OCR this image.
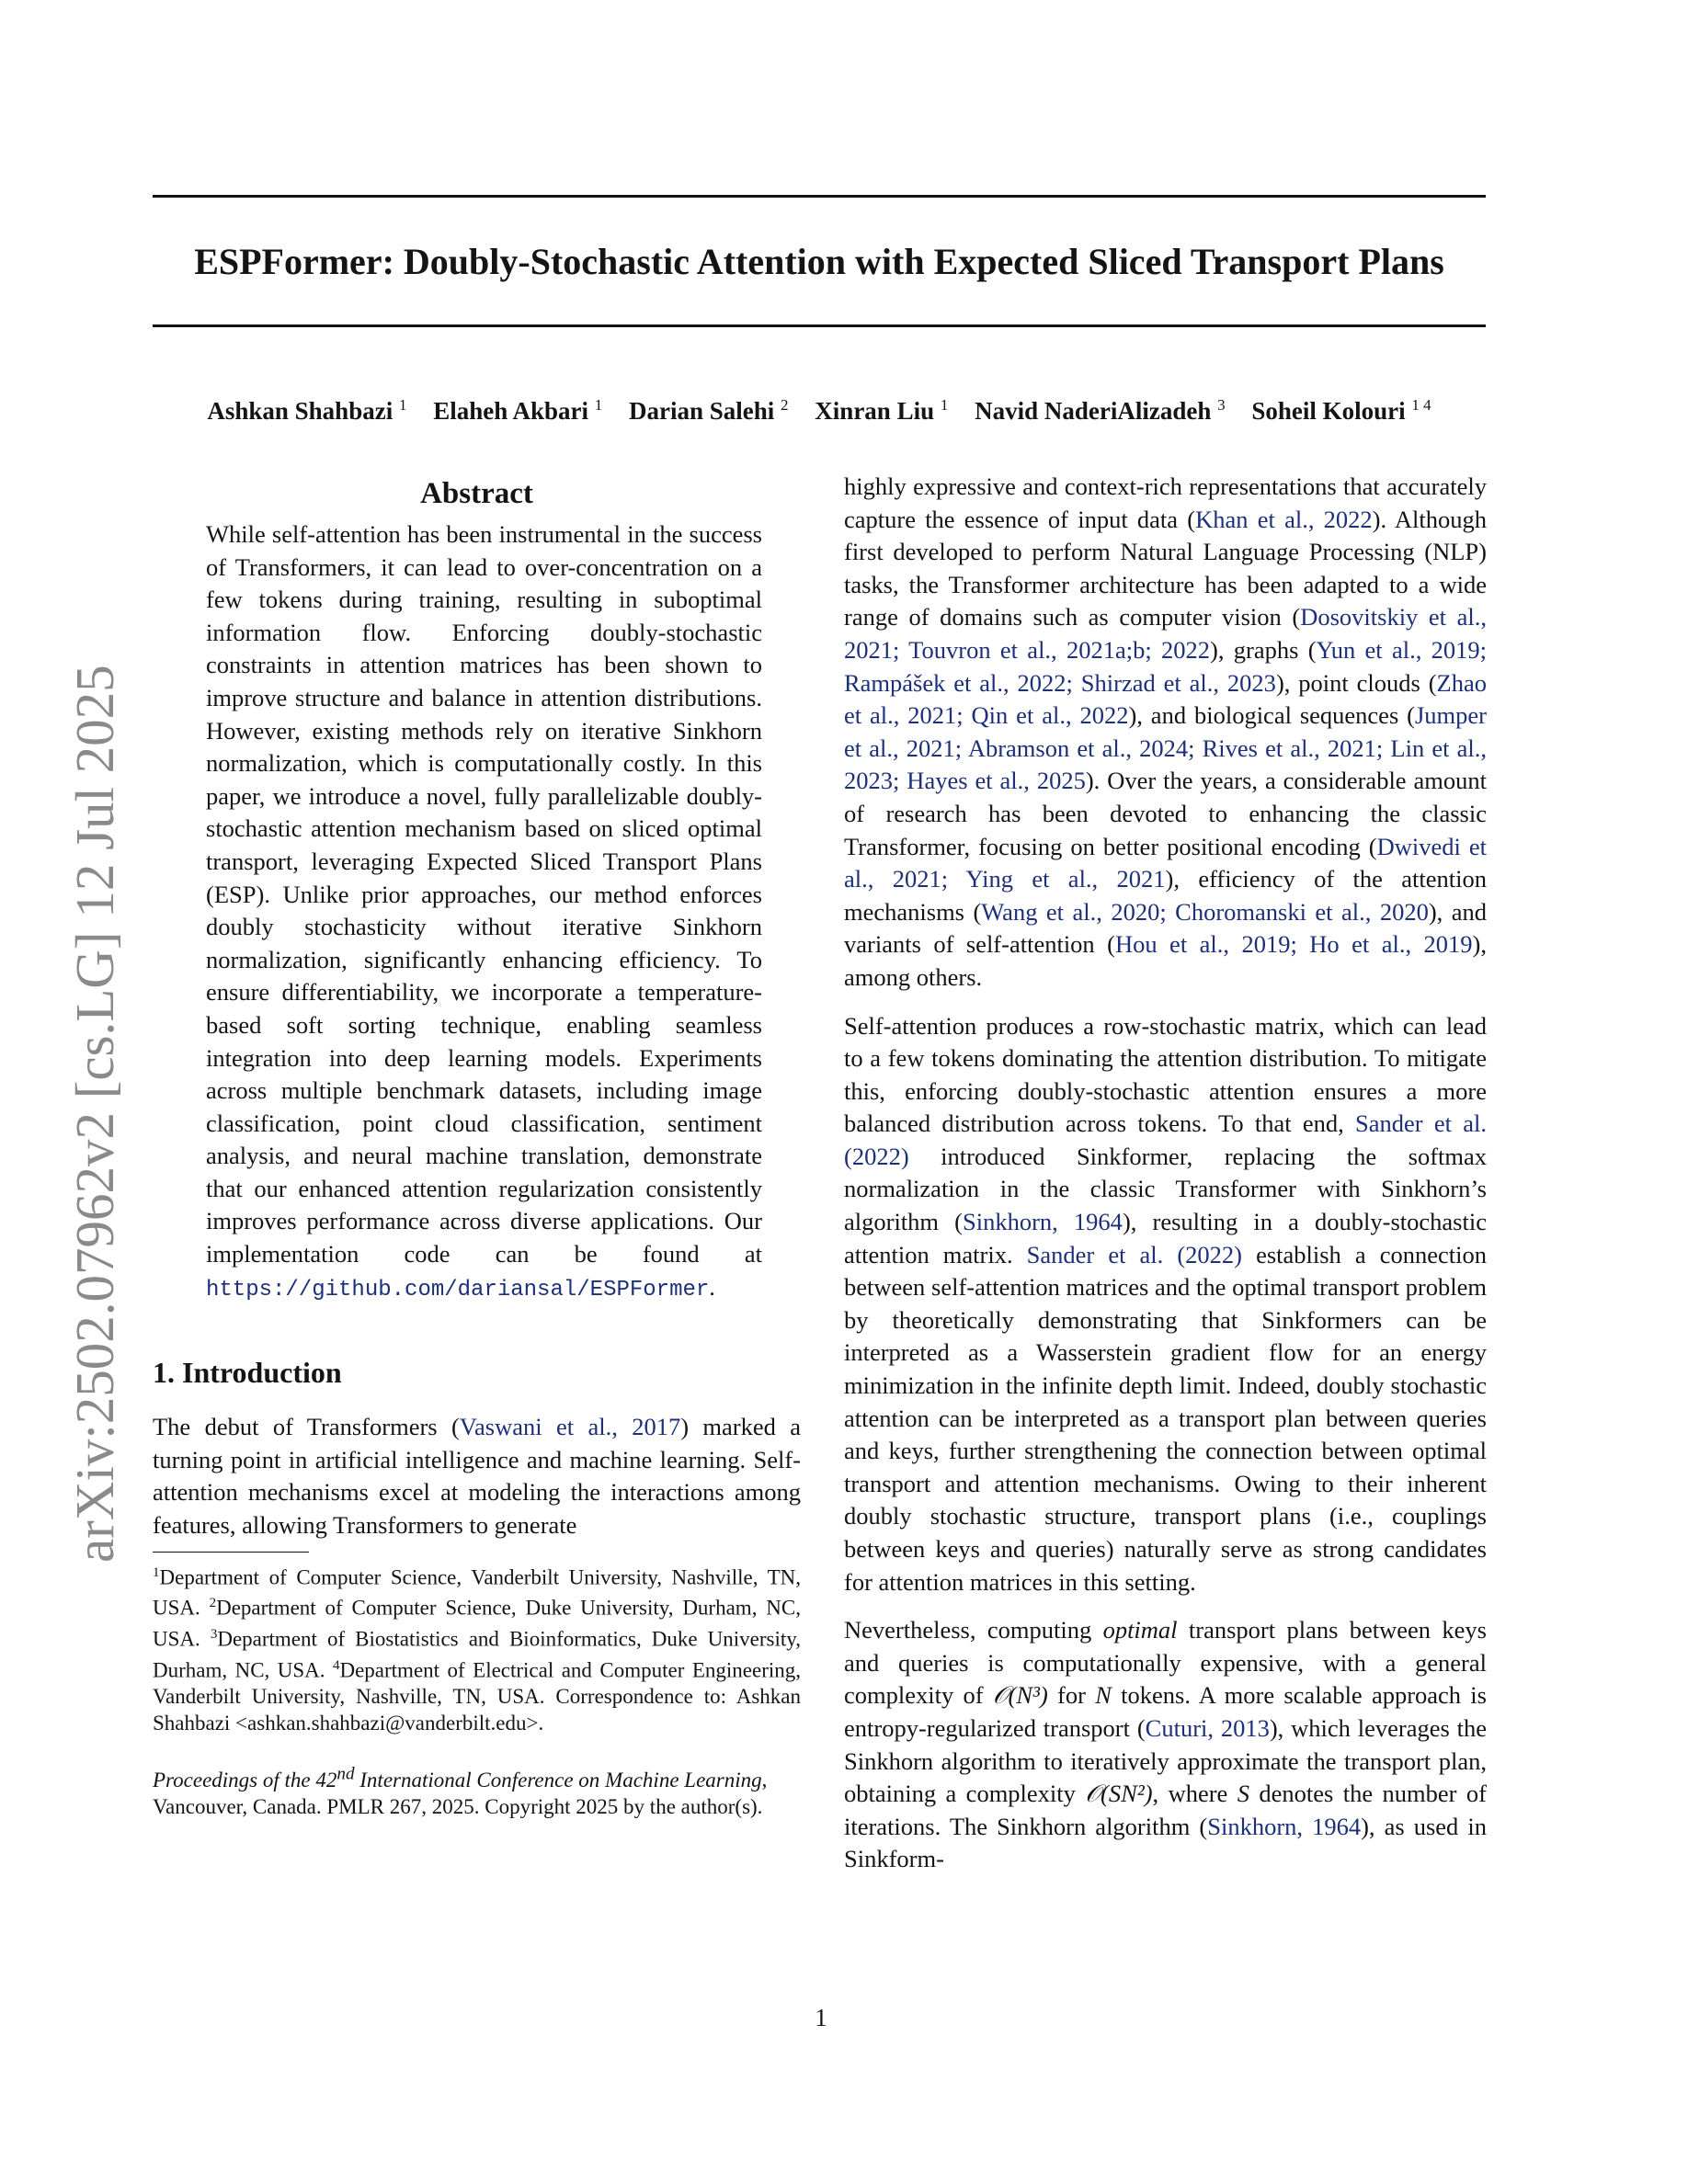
ESPFormer: Doubly-Stochastic Attention with Expected Sliced Transport Plans
Ashkan Shahbazi $^1$ Elaheh Akbari $^1$ Darian Salehi $^2$ Xinran Liu $^1$ Navid NaderiAlizadeh $^3$ Soheil Kolouri $^{1 4}$
arXiv:2502.07962v2 [cs.LG] 12 Jul 2025
Abstract
While self-attention has been instrumental in the success of Transformers, it can lead to over-concentration on a few tokens during training, resulting in suboptimal information flow. Enforcing doubly-stochastic constraints in attention matrices has been shown to improve structure and balance in attention distributions. However, existing methods rely on iterative Sinkhorn normalization, which is computationally costly. In this paper, we introduce a novel, fully parallelizable doubly-stochastic attention mechanism based on sliced optimal transport, leveraging Expected Sliced Transport Plans (ESP). Unlike prior approaches, our method enforces doubly stochasticity without iterative Sinkhorn normalization, significantly enhancing efficiency. To ensure differentiability, we incorporate a temperature-based soft sorting technique, enabling seamless integration into deep learning models. Experiments across multiple benchmark datasets, including image classification, point cloud classification, sentiment analysis, and neural machine translation, demonstrate that our enhanced attention regularization consistently improves performance across diverse applications. Our implementation code can be found at https://github.com/dariansal/ESPFormer.
1. Introduction

The debut of Transformers (Vaswani et al., 2017) marked a turning point in artificial intelligence and machine learning. Self-attention mechanisms excel at modeling the interactions among features, allowing Transformers to generate

$^1$Department of Computer Science, Vanderbilt University, Nashville, TN, USA. $^2$Department of Computer Science, Duke University, Durham, NC, USA. $^3$Department of Biostatistics and Bioinformatics, Duke University, Durham, NC, USA. $^4$Department of Electrical and Computer Engineering, Vanderbilt University, Nashville, TN, USA. Correspondence to: Ashkan Shahbazi <ashkan.shahbazi@vanderbilt.edu>.
Proceedings of the 42nd International Conference on Machine Learning, Vancouver, Canada. PMLR 267, 2025. Copyright 2025 by the author(s).

highly expressive and context-rich representations that accurately capture the essence of input data (Khan et al., 2022). Although first developed to perform Natural Language Processing (NLP) tasks, the Transformer architecture has been adapted to a wide range of domains such as computer vision (Dosovitskiy et al., 2021; Touvron et al., 2021a;b; 2022), graphs (Yun et al., 2019; Rampášek et al., 2022; Shirzad et al., 2023), point clouds (Zhao et al., 2021; Qin et al., 2022), and biological sequences (Jumper et al., 2021; Abramson et al., 2024; Rives et al., 2021; Lin et al., 2023; Hayes et al., 2025). Over the years, a considerable amount of research has been devoted to enhancing the classic Transformer, focusing on better positional encoding (Dwivedi et al., 2021; Ying et al., 2021), efficiency of the attention mechanisms (Wang et al., 2020; Choromanski et al., 2020), and variants of self-attention (Hou et al., 2019; Ho et al., 2019), among others.

Self-attention produces a row-stochastic matrix, which can lead to a few tokens dominating the attention distribution. To mitigate this, enforcing doubly-stochastic attention ensures a more balanced distribution across tokens. To that end, Sander et al. (2022) introduced Sinkformer, replacing the softmax normalization in the classic Transformer with Sinkhorn’s algorithm (Sinkhorn, 1964), resulting in a doubly-stochastic attention matrix. Sander et al. (2022) establish a connection between self-attention matrices and the optimal transport problem by theoretically demonstrating that Sinkformers can be interpreted as a Wasserstein gradient flow for an energy minimization in the infinite depth limit. Indeed, doubly stochastic attention can be interpreted as a transport plan between queries and keys, further strengthening the connection between optimal transport and attention mechanisms. Owing to their inherent doubly stochastic structure, transport plans (i.e., couplings between keys and queries) naturally serve as strong candidates for attention matrices in this setting.

Nevertheless, computing optimal transport plans between keys and queries is computationally expensive, with a general complexity of 𝒪(N³) for N tokens. A more scalable approach is entropy-regularized transport (Cuturi, 2013), which leverages the Sinkhorn algorithm to iteratively approximate the transport plan, obtaining a complexity 𝒪(SN²), where S denotes the number of iterations. The Sinkhorn algorithm (Sinkhorn, 1964), as used in Sinkform-

1
